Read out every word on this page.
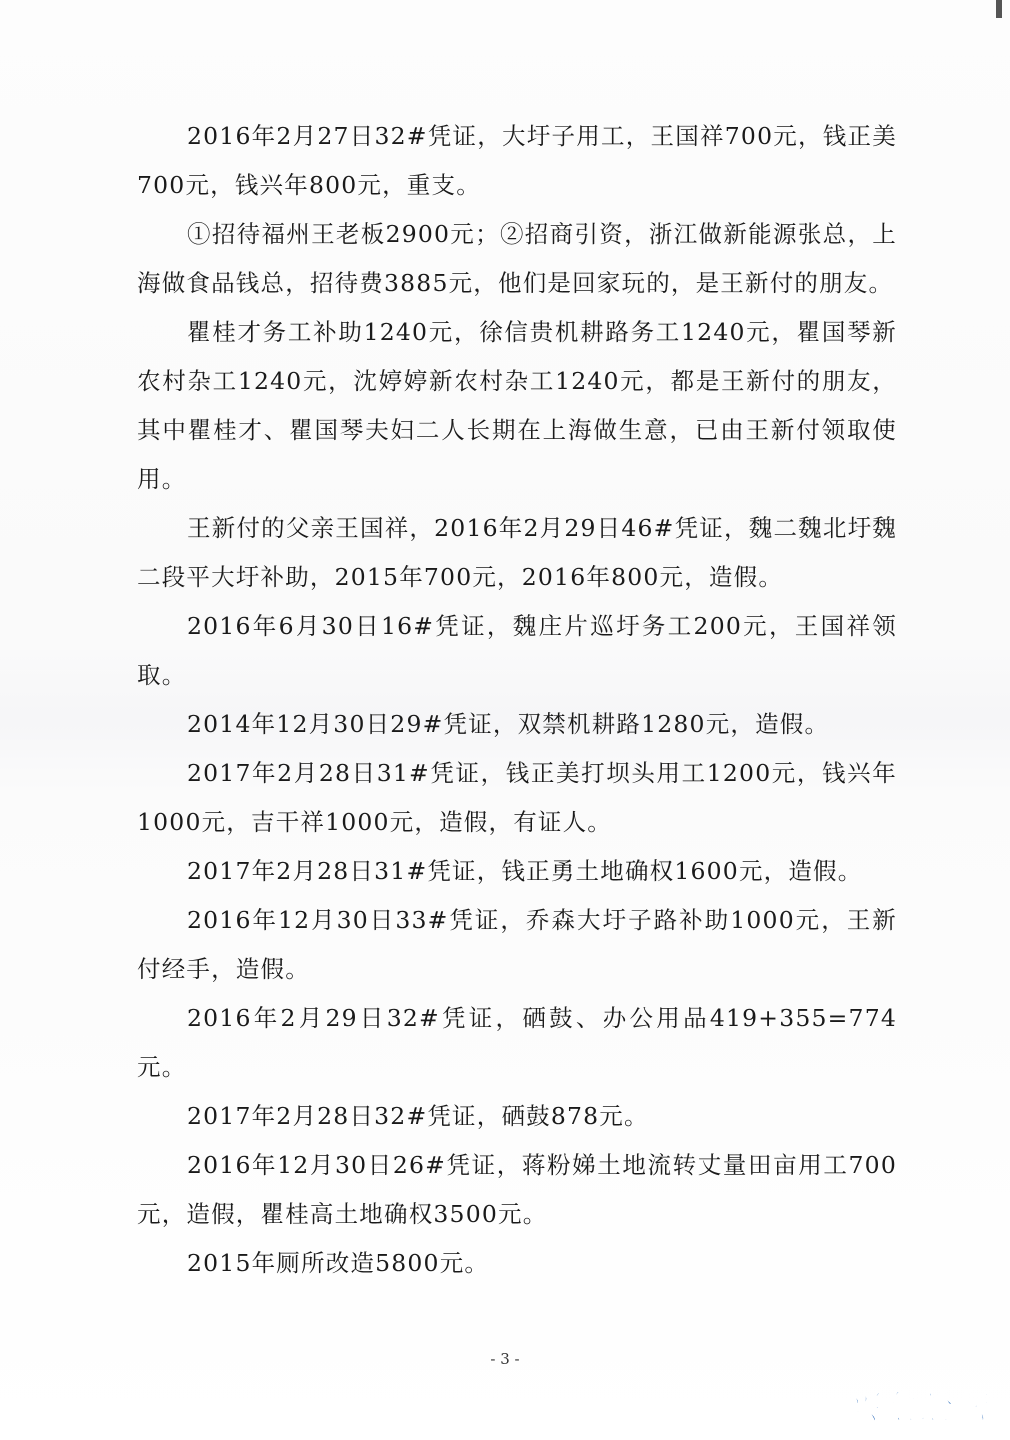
2016年2月27日32#凭证，大圩子用工，王国祥700元，钱正美700元，钱兴年800元，重支。

①招待福州王老板2900元；②招商引资，浙江做新能源张总，上海做食品钱总，招待费3885元，他们是回家玩的，是王新付的朋友。

瞿桂才务工补助1240元，徐信贵机耕路务工1240元，瞿国琴新农村杂工1240元，沈婷婷新农村杂工1240元，都是王新付的朋友，其中瞿桂才、瞿国琴夫妇二人长期在上海做生意，已由王新付领取使用。

王新付的父亲王国祥，2016年2月29日46#凭证，魏二魏北圩魏二段平大圩补助，2015年700元，2016年800元，造假。

2016年6月30日16#凭证，魏庄片巡圩务工200元，王国祥领取。

2014年12月30日29#凭证，双禁机耕路1280元，造假。

2017年2月28日31#凭证，钱正美打坝头用工1200元，钱兴年1000元，吉干祥1000元，造假，有证人。

2017年2月28日31#凭证，钱正勇土地确权1600元，造假。

2016年12月30日33#凭证，乔森大圩子路补助1000元，王新付经手，造假。

2016年2月29日32#凭证，硒鼓、办公用品419+355=774元。

2017年2月28日32#凭证，硒鼓878元。

2016年12月30日26#凭证，蒋粉娣土地流转丈量田亩用工700元，造假，瞿桂高土地确权3500元。

2015年厕所改造5800元。

- 3 -
兴化论坛
